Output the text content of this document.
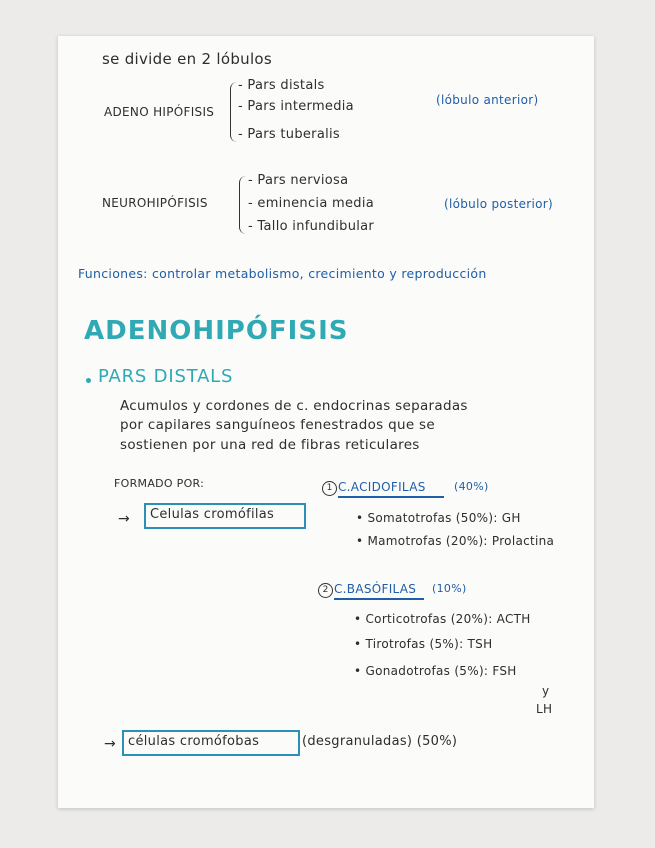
se divide en 2 lóbulos
ADENO HIPÓFISIS
- Pars distals
- Pars intermedia
- Pars tuberalis
(lóbulo anterior)
NEUROHIPÓFISIS
- Pars nerviosa
- eminencia media
- Tallo infundibular
(lóbulo posterior)
Funciones: controlar metabolismo, crecimiento y reproducción
ADENOHIPÓFISIS
PARS DISTALS
Acumulos y cordones de c. endocrinas separadas
por capilares sanguíneos fenestrados que se
sostienen por una red de fibras reticulares
FORMADO POR:
→ Celulas cromófilas
1 C.ACIDOFILAS	(40%)
• Somatotrofas (50%): GH
• Mamotrofas (20%): Prolactina
2 C.BASÓFILAS (10%)
• Corticotrofas (20%): ACTH
• Tirotrofas (5%): TSH
• Gonadotrofas (5%): FSH
y
LH
→ células cromófobas	(desgranuladas) (50%)
